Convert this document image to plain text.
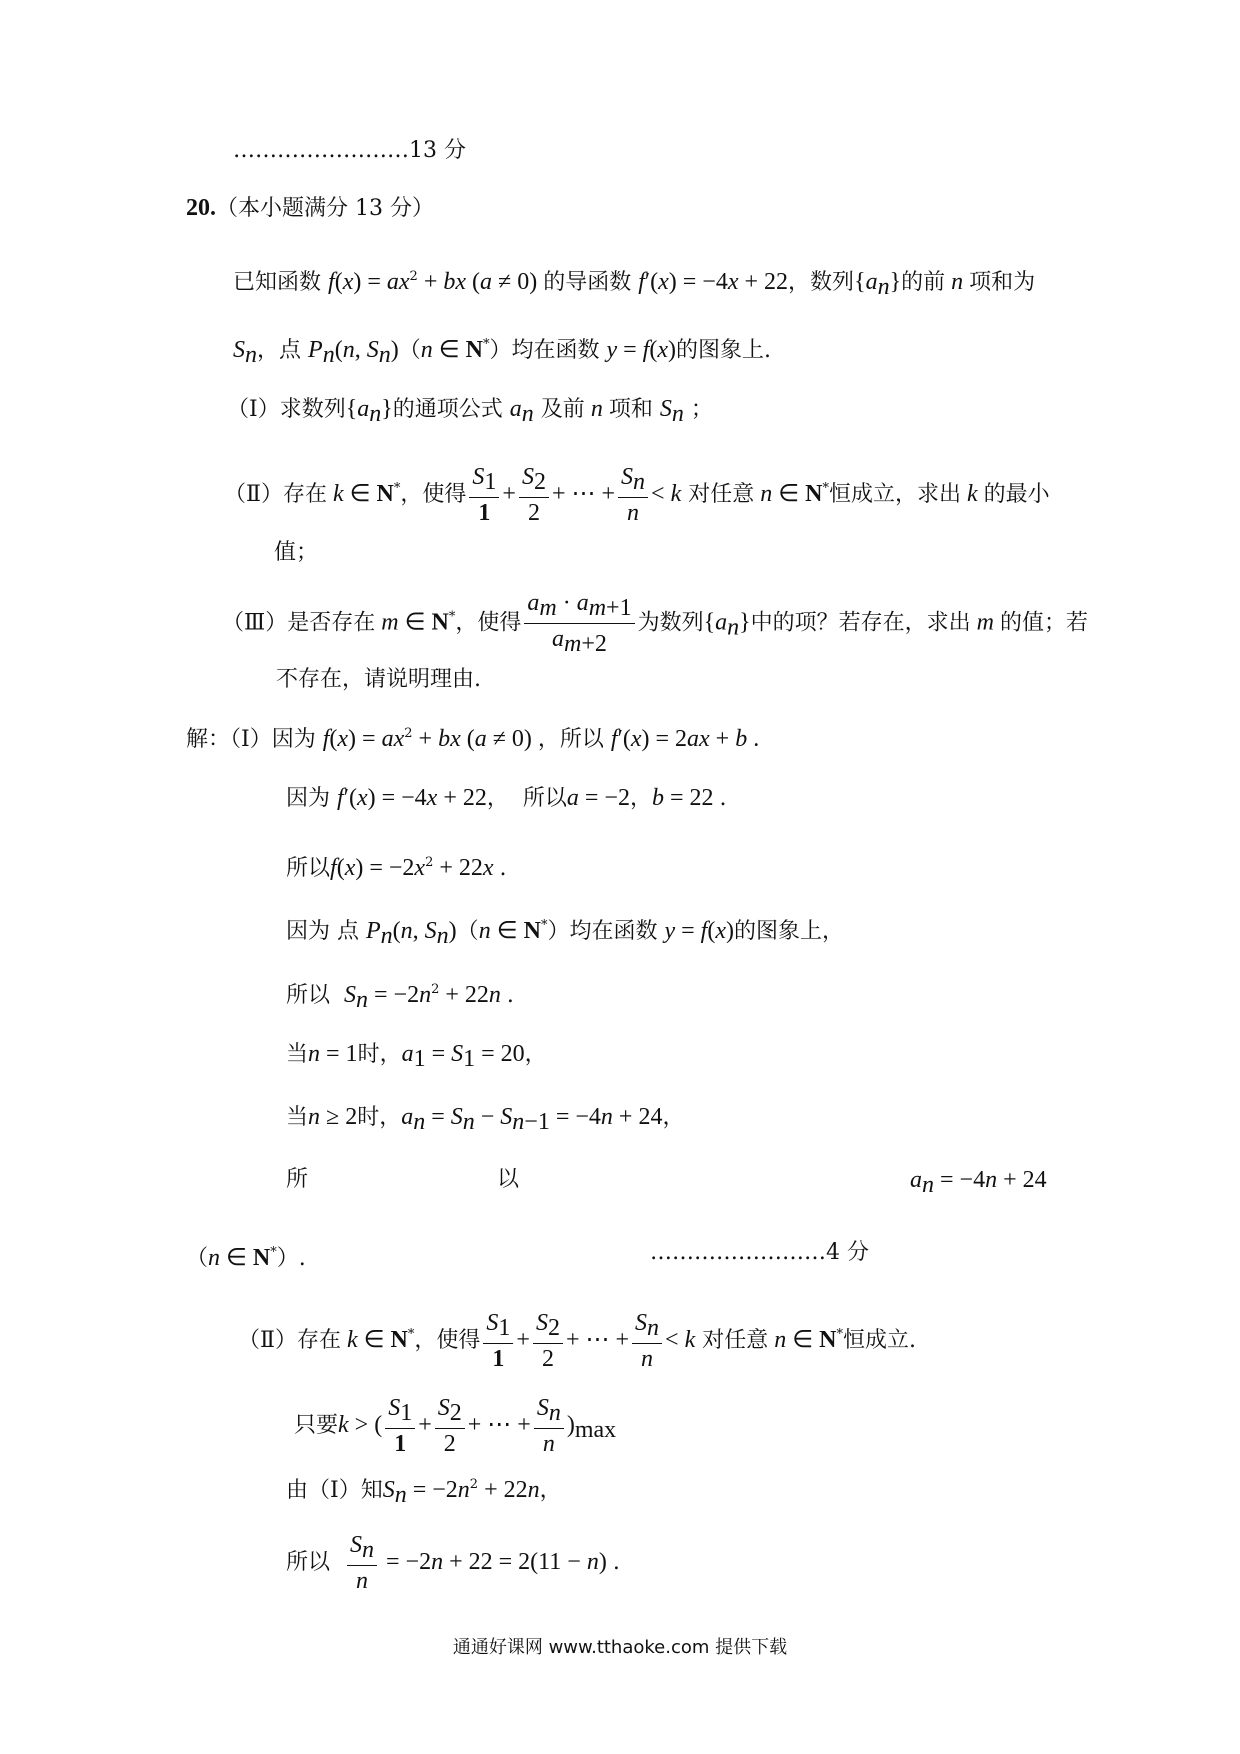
……………………13 分
20.（本小题满分 13 分）
已知函数 $f(x) = ax^2$ + bx (a ≠ 0) 的导函数 f′(x) = −4x + 22，数列$\{a_n\}$的前 n 项和为
$S_n$，点 $P_n(n$, $S_n)(n$ ∈ N*）均在函数 y = f(x)的图象上.
（Ⅰ）求数列$\{a_n\}$的通项公式 $a_n$ 及前 n 项和 $S_n$ ；
（Ⅱ）存在 k ∈ N*，使得 $\frac{S_1}{1} + \frac{S_2}{2}$ + ⋯ + $\frac{S_n}{n} < k$ 对任意 n ∈ N*恒成立，求出 k 的最小
值；
（Ⅲ）是否存在 m ∈ N*，使得 $\frac{a_m \cdot a_{m+1}}{a_{m+2}}$ 为数列$\{a_n\}$中的项？若存在，求出 m 的值；若
不存在，请说明理由.
解：（Ⅰ）因为 $f(x) = ax^2$ + bx (a ≠ 0) ，所以 f′(x) = 2ax + b .
因为 f′(x) = −4x + 22， 所以a = −2，b = 22 .
所以$f(x) = -2x^2 + 22x$ .
因为 点 $P_n(n$, $S_n)(n$ ∈ N*）均在函数 y = f(x)的图象上，
所以 $S_n = -2n^2 + 22n$ .
当n = 1时，$a_1 = S_1 = 20$，
当n ≥ 2时，$a_n = S_n - S_{n-1} = -4n + 24$，
所	以	$a_n = -4n + 24$
（n ∈ N*）.	……………………4 分
（Ⅱ）存在 k ∈ N*，使得 $\frac{S_1}{1} + \frac{S_2}{2}$ + ⋯ + $\frac{S_n}{n} < k$ 对任意 n ∈ N*恒成立.
只要k > ( $\frac{S_1}{1} + \frac{S_2}{2}$ + ⋯ + $\frac{S_n}{n} )_{max}$
由（Ⅰ）知$S_n = -2n^2 + 22n$，
所以 $\frac{S_n}{n} = -2n + 22 = 2(11 - n)$ .
通通好课网 www.tthaoke.com 提供下载
